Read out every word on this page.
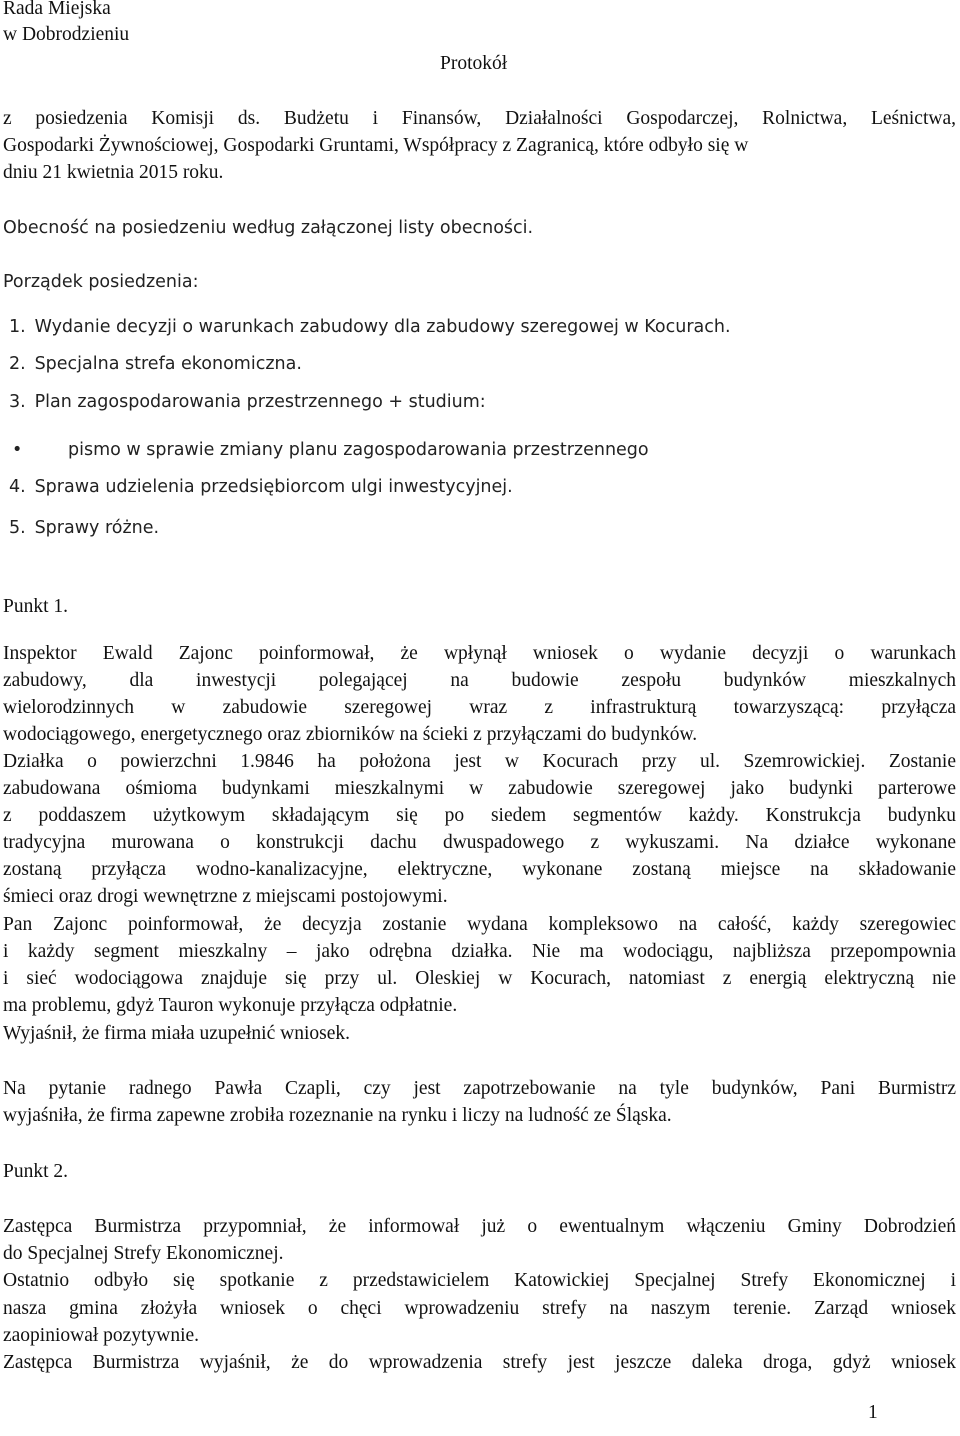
Rada Miejska
w Dobrodzieniu
Protokół
z posiedzenia Komisji ds. Budżetu i Finansów, Działalności Gospodarczej, Rolnictwa, Leśnictwa,
Gospodarki Żywnościowej, Gospodarki Gruntami, Współpracy z Zagranicą, które odbyło się w
dniu 21 kwietnia 2015 roku.
Obecność na posiedzeniu według załączonej listy obecności.
Porządek posiedzenia:
1. Wydanie decyzji o warunkach zabudowy dla zabudowy szeregowej w Kocurach.
2. Specjalna strefa ekonomiczna.
3. Plan zagospodarowania przestrzennego + studium:
•	pismo w sprawie zmiany planu zagospodarowania przestrzennego
4. Sprawa udzielenia przedsiębiorcom ulgi inwestycyjnej.
5. Sprawy różne.
Punkt 1.
Inspektor Ewald Zajonc poinformował, że wpłynął wniosek o wydanie decyzji o warunkach
zabudowy, dla inwestycji polegającej na budowie zespołu budynków mieszkalnych
wielorodzinnych w zabudowie szeregowej wraz z infrastrukturą towarzyszącą: przyłącza
wodociągowego, energetycznego oraz zbiorników na ścieki z przyłączami do budynków.
Działka o powierzchni 1.9846 ha położona jest w Kocurach przy ul. Szemrowickiej. Zostanie
zabudowana ośmioma budynkami mieszkalnymi w zabudowie szeregowej jako budynki parterowe
z poddaszem użytkowym składającym się po siedem segmentów każdy. Konstrukcja budynku
tradycyjna murowana o konstrukcji dachu dwuspadowego z wykuszami. Na działce wykonane
zostaną przyłącza wodno-kanalizacyjne, elektryczne, wykonane zostaną miejsce na składowanie
śmieci oraz drogi wewnętrzne z miejscami postojowymi.
Pan Zajonc poinformował, że decyzja zostanie wydana kompleksowo na całość, każdy szeregowiec
i każdy segment mieszkalny – jako odrębna działka. Nie ma wodociągu, najbliższa przepompownia
i sieć wodociągowa znajduje się przy ul. Oleskiej w Kocurach, natomiast z energią elektryczną nie
ma problemu, gdyż Tauron wykonuje przyłącza odpłatnie.
Wyjaśnił, że firma miała uzupełnić wniosek.
Na pytanie radnego Pawła Czapli, czy jest zapotrzebowanie na tyle budynków, Pani Burmistrz
wyjaśniła, że firma zapewne zrobiła rozeznanie na rynku i liczy na ludność ze Śląska.
Punkt 2.
Zastępca Burmistrza przypomniał, że informował już o ewentualnym włączeniu Gminy Dobrodzień
do Specjalnej Strefy Ekonomicznej.
Ostatnio odbyło się spotkanie z przedstawicielem Katowickiej Specjalnej Strefy Ekonomicznej i
nasza gmina złożyła wniosek o chęci wprowadzeniu strefy na naszym terenie. Zarząd wniosek
zaopiniował pozytywnie.
Zastępca Burmistrza wyjaśnił, że do wprowadzenia strefy jest jeszcze daleka droga, gdyż wniosek
1
